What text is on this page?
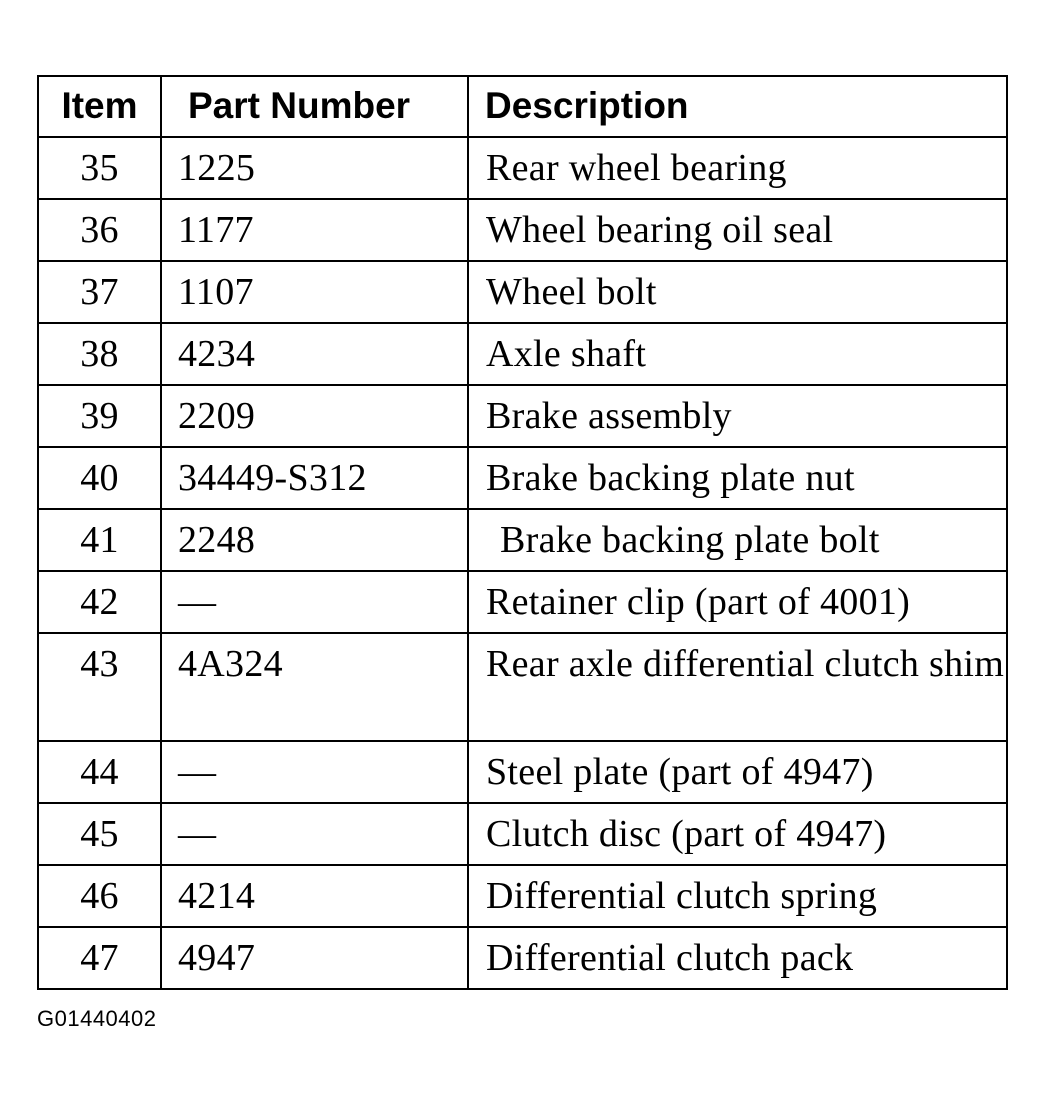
Item	Part Number	Description
35	1225	Rear wheel bearing
36	1177	Wheel bearing oil seal
37	1107	Wheel bolt
38	4234	Axle shaft
39	2209	Brake assembly
40	34449-S312	Brake backing plate nut
41	2248	Brake backing plate bolt
42	—	Retainer clip (part of 4001)
43	4A324	Rear axle differential clutch shim
44	—	Steel plate (part of 4947)
45	—	Clutch disc (part of 4947)
46	4214	Differential clutch spring
47	4947	Differential clutch pack
G01440402
